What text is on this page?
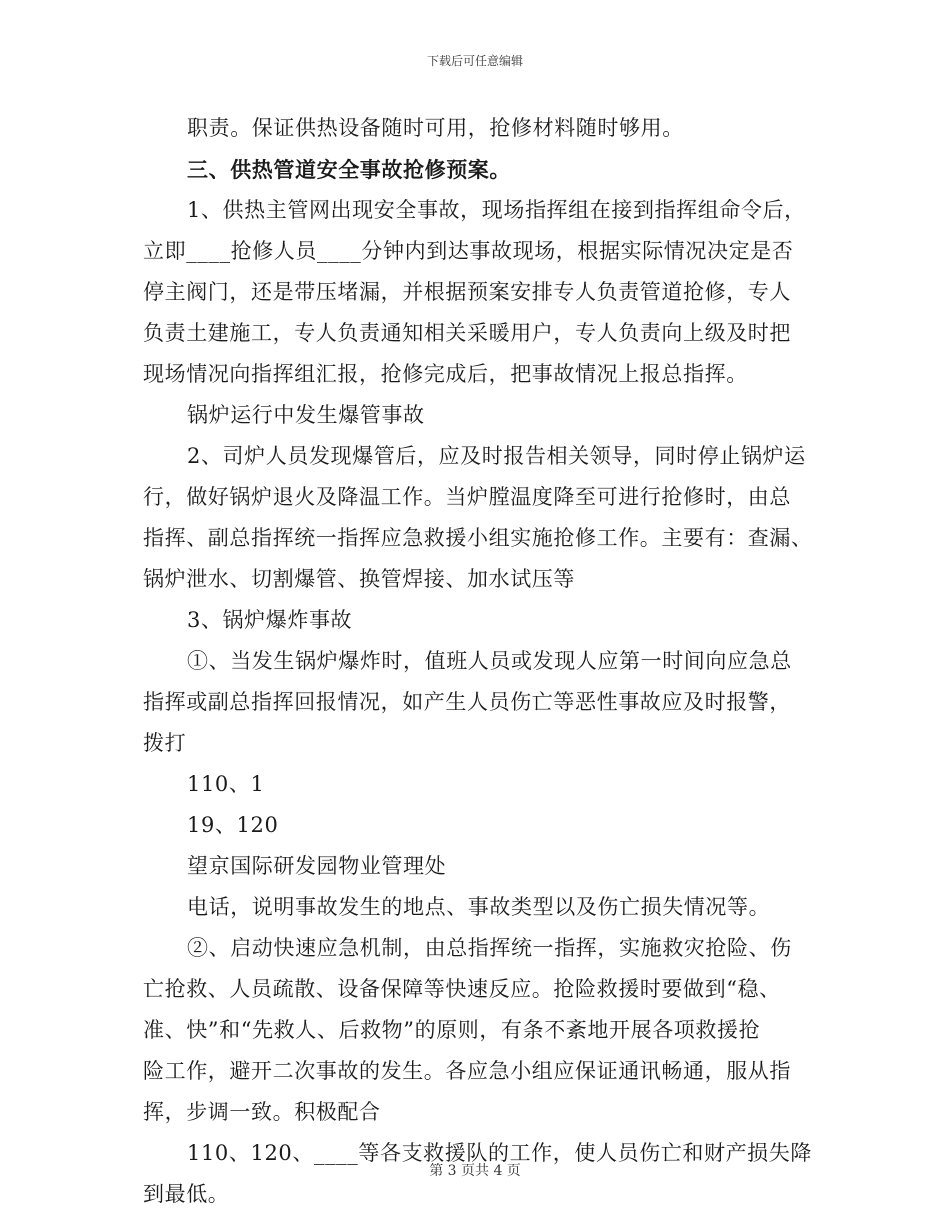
下载后可任意编辑
职责。保证供热设备随时可用，抢修材料随时够用。
三、供热管道安全事故抢修预案。
1、供热主管网出现安全事故，现场指挥组在接到指挥组命令后，
立即____抢修人员____分钟内到达事故现场，根据实际情况决定是否
停主阀门，还是带压堵漏，并根据预案安排专人负责管道抢修，专人
负责土建施工，专人负责通知相关采暖用户，专人负责向上级及时把
现场情况向指挥组汇报，抢修完成后，把事故情况上报总指挥。
锅炉运行中发生爆管事故
2、司炉人员发现爆管后，应及时报告相关领导，同时停止锅炉运
行，做好锅炉退火及降温工作。当炉膛温度降至可进行抢修时，由总
指挥、副总指挥统一指挥应急救援小组实施抢修工作。主要有：查漏、
锅炉泄水、切割爆管、换管焊接、加水试压等
3、锅炉爆炸事故
①、当发生锅炉爆炸时，值班人员或发现人应第一时间向应急总
指挥或副总指挥回报情况，如产生人员伤亡等恶性事故应及时报警，
拨打
110、1
19、120
望京国际研发园物业管理处
电话，说明事故发生的地点、事故类型以及伤亡损失情况等。
②、启动快速应急机制，由总指挥统一指挥，实施救灾抢险、伤
亡抢救、人员疏散、设备保障等快速反应。抢险救援时要做到“稳、
准、快”和“先救人、后救物”的原则，有条不紊地开展各项救援抢
险工作，避开二次事故的发生。各应急小组应保证通讯畅通，服从指
挥，步调一致。积极配合
110、120、____等各支救援队的工作，使人员伤亡和财产损失降
到最低。
第 3 页共 4 页
